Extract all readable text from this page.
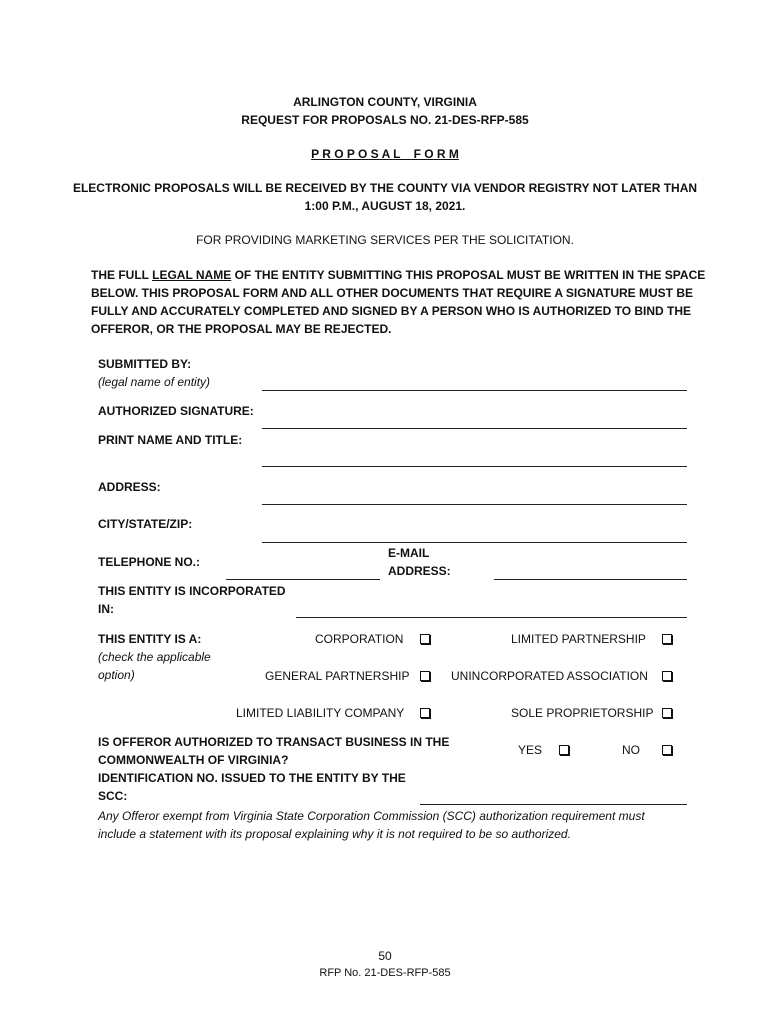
ARLINGTON COUNTY, VIRGINIA
REQUEST FOR PROPOSALS NO. 21-DES-RFP-585
P R O P O S A L    F O R M
ELECTRONIC PROPOSALS WILL BE RECEIVED BY THE COUNTY VIA VENDOR REGISTRY NOT LATER THAN
1:00 P.M., AUGUST 18, 2021.
FOR PROVIDING MARKETING SERVICES PER THE SOLICITATION.
THE FULL LEGAL NAME OF THE ENTITY SUBMITTING THIS PROPOSAL MUST BE WRITTEN IN THE SPACE
BELOW. THIS PROPOSAL FORM AND ALL OTHER DOCUMENTS THAT REQUIRE A SIGNATURE MUST BE
FULLY AND ACCURATELY COMPLETED AND SIGNED BY A PERSON WHO IS AUTHORIZED TO BIND THE
OFFEROR, OR THE PROPOSAL MAY BE REJECTED.
SUBMITTED BY:
(legal name of entity)
AUTHORIZED SIGNATURE:
PRINT NAME AND TITLE:
ADDRESS:
CITY/STATE/ZIP:
TELEPHONE NO.:
E-MAIL
ADDRESS:
THIS ENTITY IS INCORPORATED
IN:
THIS ENTITY IS A:
(check the applicable
option)
CORPORATION	LIMITED PARTNERSHIP
GENERAL PARTNERSHIP	UNINCORPORATED ASSOCIATION
LIMITED LIABILITY COMPANY	SOLE PROPRIETORSHIP
IS OFFEROR AUTHORIZED TO TRANSACT BUSINESS IN THE
COMMONWEALTH OF VIRGINIA?
YES	NO
IDENTIFICATION NO. ISSUED TO THE ENTITY BY THE
SCC:
Any Offeror exempt from Virginia State Corporation Commission (SCC) authorization requirement must
include a statement with its proposal explaining why it is not required to be so authorized.
50
RFP No. 21-DES-RFP-585
